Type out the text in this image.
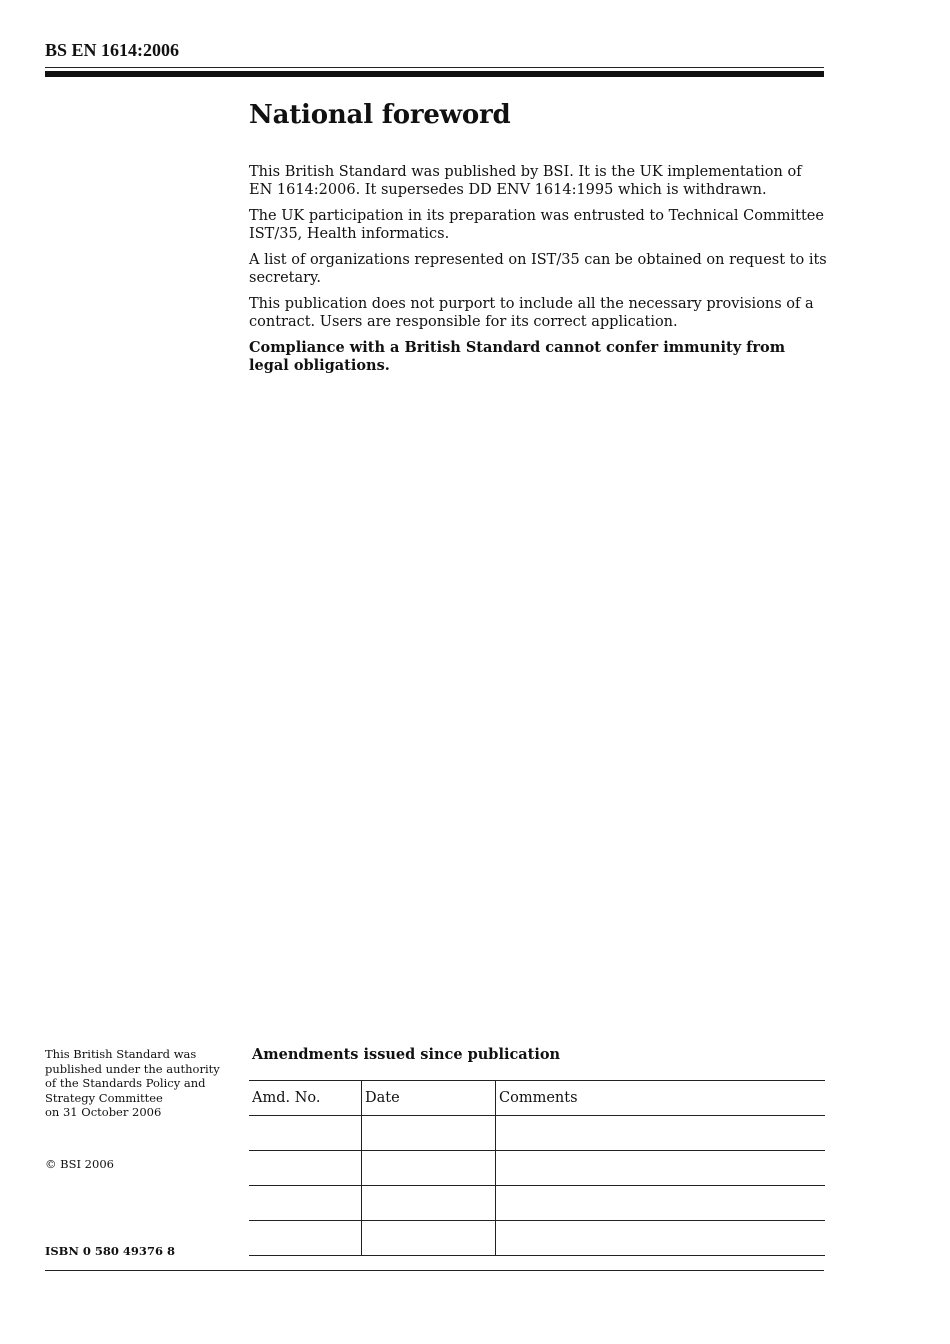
BS EN 1614:2006
National foreword

This British Standard was published by BSI. It is the UK implementation of EN 1614:2006. It supersedes DD ENV 1614:1995 which is withdrawn.

The UK participation in its preparation was entrusted to Technical Committee IST/35, Health informatics.

A list of organizations represented on IST/35 can be obtained on request to its secretary.

This publication does not purport to include all the necessary provisions of a contract. Users are responsible for its correct application.

Compliance with a British Standard cannot confer immunity from legal obligations.

This British Standard was
published under the authority
of the Standards Policy and
Strategy Committee
on 31 October 2006
© BSI 2006
ISBN 0 580 49376 8
Amendments issued since publication
Amd. No.	Date	Comments
